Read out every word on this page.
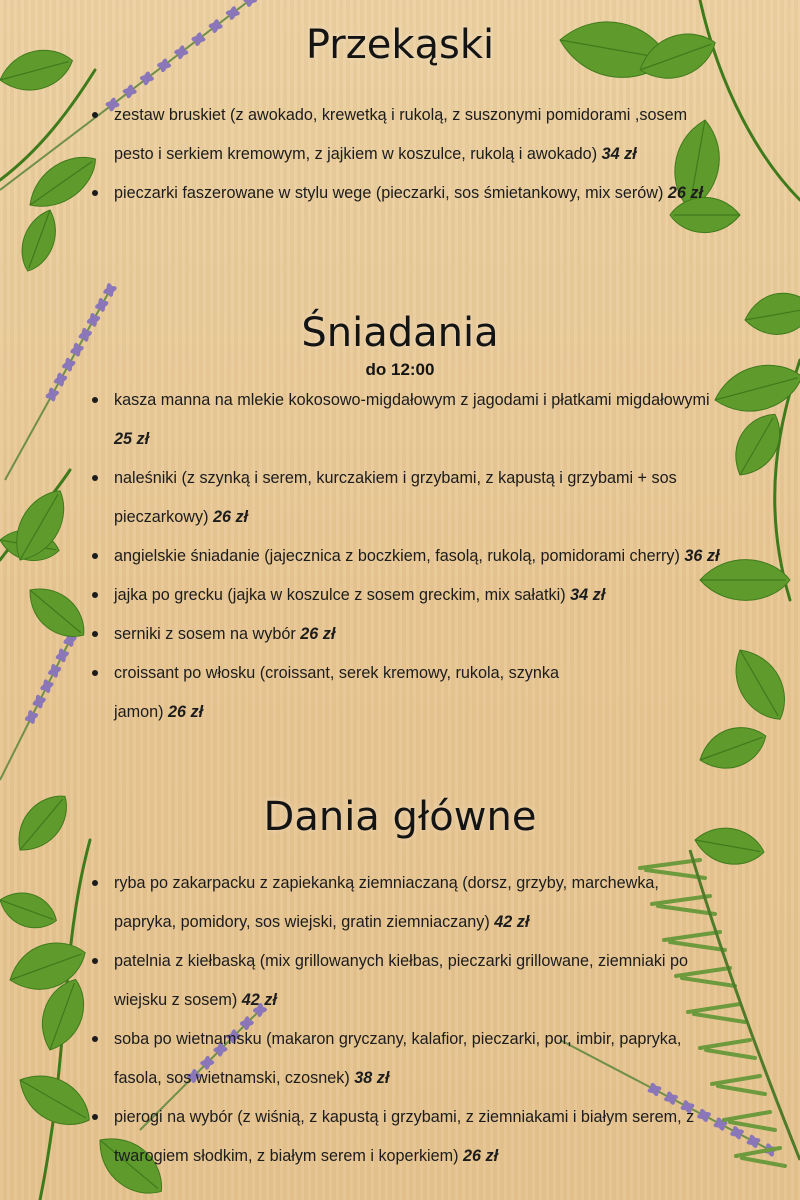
Przekąski
zestaw bruskiet (z awokado, krewetką i rukolą, z suszonymi pomidorami ,sosem pesto i serkiem kremowym, z jajkiem w koszulce, rukolą i awokado) 34 zł
pieczarki faszerowane w stylu wege (pieczarki, sos śmietankowy, mix serów) 26 zł
Śniadania
do 12:00
kasza manna na mlekie kokosowo-migdałowym z jagodami i płatkami migdałowymi 25 zł
naleśniki (z szynką i serem, kurczakiem i grzybami, z kapustą i grzybami + sos pieczarkowy) 26 zł
angielskie śniadanie (jajecznica z boczkiem, fasolą, rukolą, pomidorami cherry) 36 zł
jajka po grecku (jajka w koszulce z sosem greckim, mix sałatki) 34 zł
serniki z sosem na wybór 26 zł
croissant po włosku (croissant, serek kremowy, rukola, szynka jamon) 26 zł
Dania główne
ryba po zakarpacku z zapiekanką ziemniaczaną (dorsz, grzyby, marchewka, papryka, pomidory, sos wiejski, gratin ziemniaczany) 42 zł
patelnia z kiełbaską (mix grillowanych kiełbas, pieczarki grillowane, ziemniaki po wiejsku z sosem) 42 zł
soba po wietnamsku (makaron gryczany, kalafior, pieczarki, por, imbir, papryka, fasola, sos wietnamski, czosnek) 38 zł
pierogi na wybór (z wiśnią, z kapustą i grzybami, z ziemniakami i białym serem, z twarogiem słodkim, z białym serem i koperkiem) 26 zł
